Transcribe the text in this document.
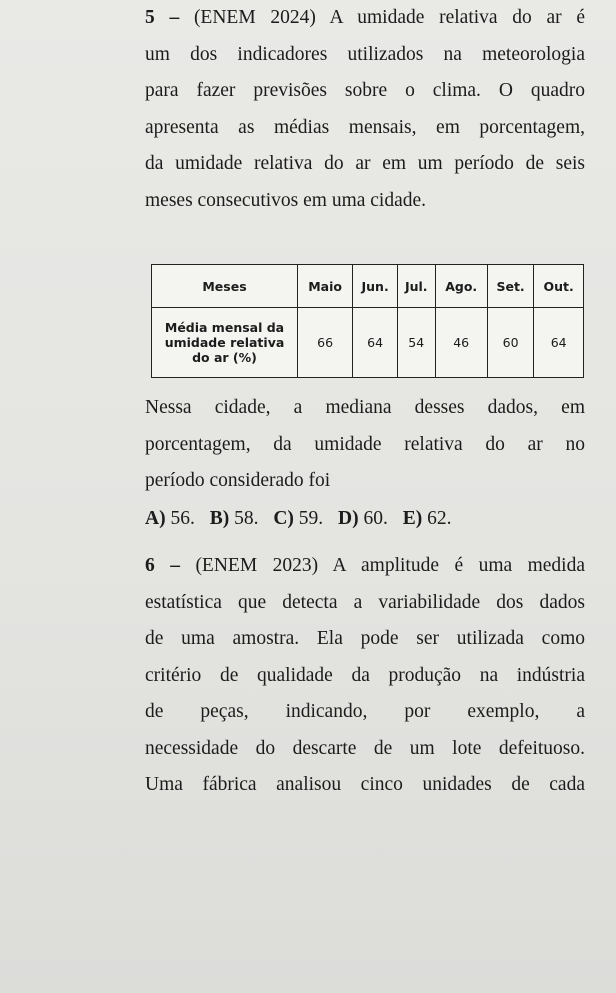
5 – (ENEM 2024) A umidade relativa do ar é
um dos indicadores utilizados na meteorologia
para fazer previsões sobre o clima. O quadro
apresenta as médias mensais, em porcentagem,
da umidade relativa do ar em um período de seis
meses consecutivos em uma cidade.
Meses	Maio	Jun.	Jul.	Ago.	Set.	Out.

Média mensal da
umidade relativa
do ar (%)	66	64	54	46	60	64
Nessa cidade, a mediana desses dados, em
porcentagem, da umidade relativa do ar no
período considerado foi
A) 56. B) 58. C) 59. D) 60. E) 62.
6 – (ENEM 2023) A amplitude é uma medida
estatística que detecta a variabilidade dos dados
de uma amostra. Ela pode ser utilizada como
critério de qualidade da produção na indústria
de peças, indicando, por exemplo, a
necessidade do descarte de um lote defeituoso.
Uma fábrica analisou cinco unidades de cada
